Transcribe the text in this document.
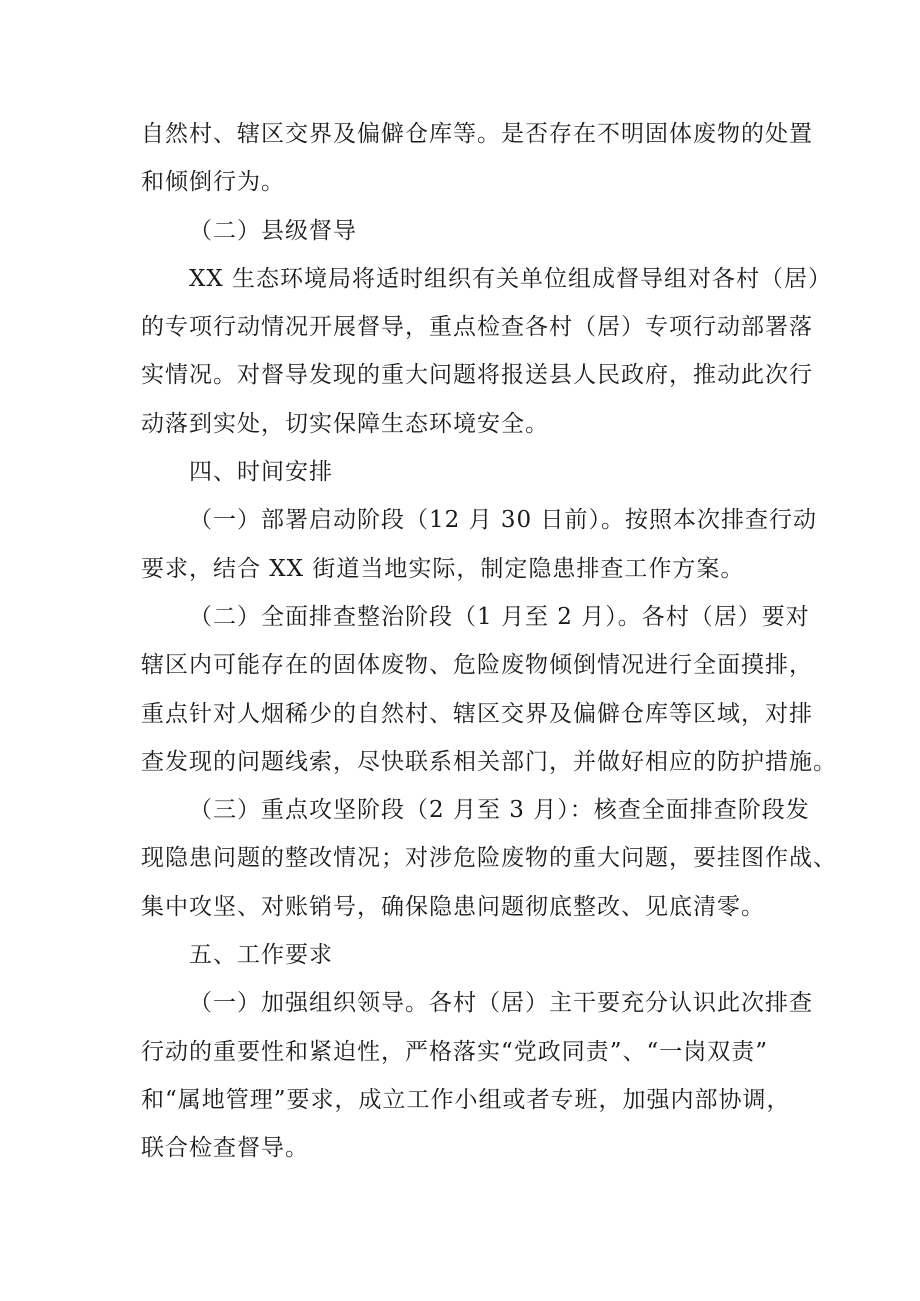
自然村、辖区交界及偏僻仓库等。是否存在不明固体废物的处置
和倾倒行为。
（二）县级督导
XX 生态环境局将适时组织有关单位组成督导组对各村（居）
的专项行动情况开展督导，重点检查各村（居）专项行动部署落
实情况。对督导发现的重大问题将报送县人民政府，推动此次行
动落到实处，切实保障生态环境安全。
四、时间安排
（一）部署启动阶段（12 月 30 日前）。按照本次排查行动
要求，结合 XX 街道当地实际，制定隐患排查工作方案。
（二）全面排查整治阶段（1 月至 2 月）。各村（居）要对
辖区内可能存在的固体废物、危险废物倾倒情况进行全面摸排，
重点针对人烟稀少的自然村、辖区交界及偏僻仓库等区域，对排
查发现的问题线索，尽快联系相关部门，并做好相应的防护措施。
（三）重点攻坚阶段（2 月至 3 月）：核查全面排查阶段发
现隐患问题的整改情况；对涉危险废物的重大问题，要挂图作战、
集中攻坚、对账销号，确保隐患问题彻底整改、见底清零。
五、工作要求
（一）加强组织领导。各村（居）主干要充分认识此次排查
行动的重要性和紧迫性，严格落实“党政同责”、“一岗双责”
和“属地管理”要求，成立工作小组或者专班，加强内部协调，
联合检查督导。
